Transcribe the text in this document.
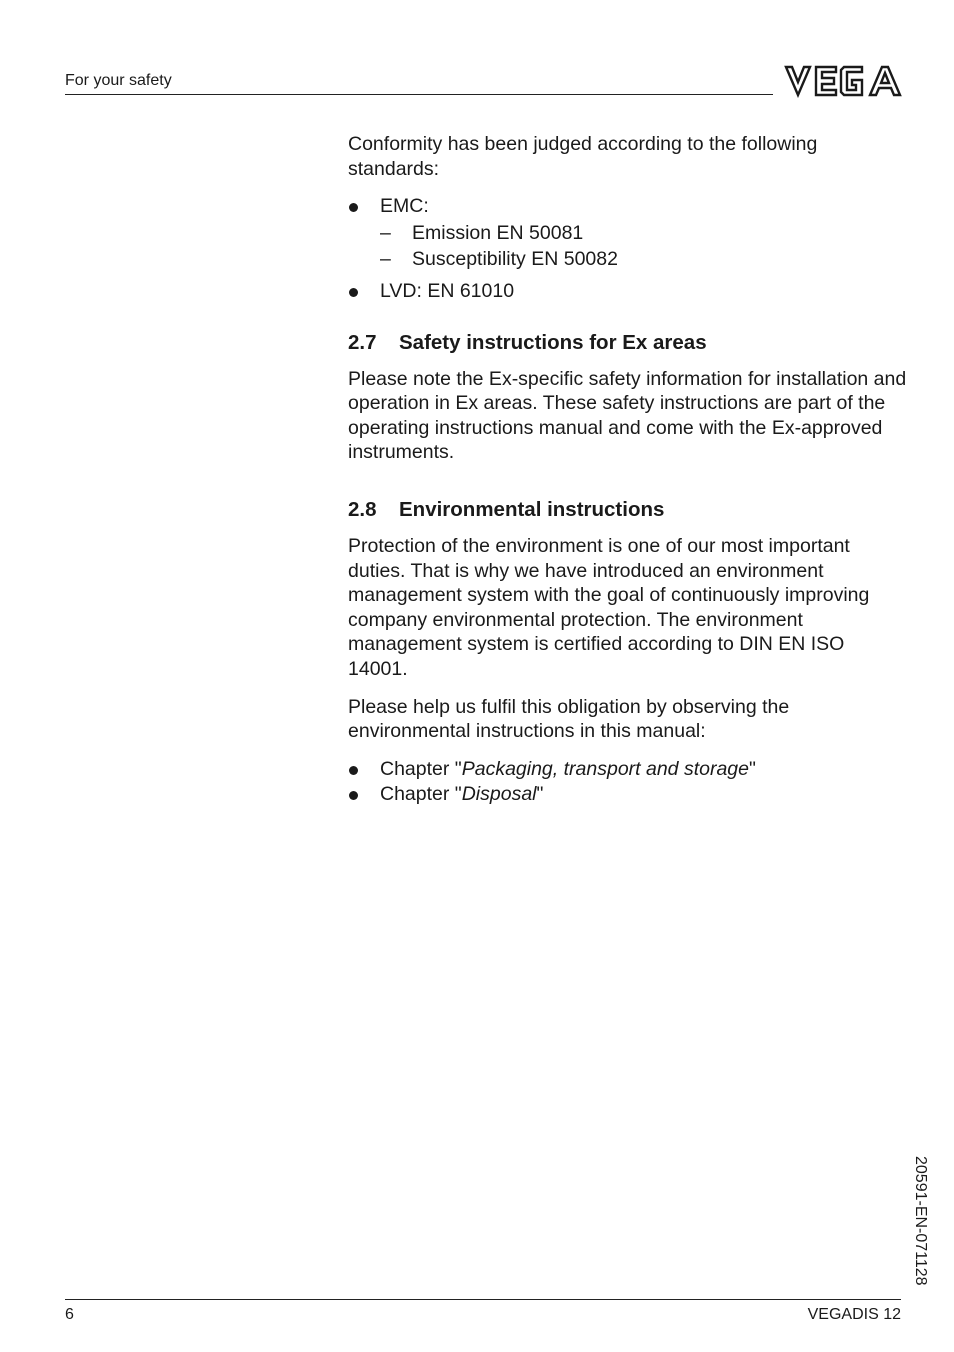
For your safety

Conformity has been judged according to the following standards:

EMC:
– Emission EN 50081
– Susceptibility EN 50082
LVD: EN 61010
2.7 Safety instructions for Ex areas

Please note the Ex-specific safety information for installation and operation in Ex areas. These safety instructions are part of the operating instructions manual and come with the Ex-approved instruments.

2.8 Environmental instructions

Protection of the environment is one of our most important duties. That is why we have introduced an environment management system with the goal of continuously improving company environmental protection. The environment management system is certified according to DIN EN ISO 14001.

Please help us fulfil this obligation by observing the environmental instructions in this manual:

Chapter "Packaging, transport and storage"
Chapter "Disposal"
20591-EN-071128
6	VEGADIS 12
